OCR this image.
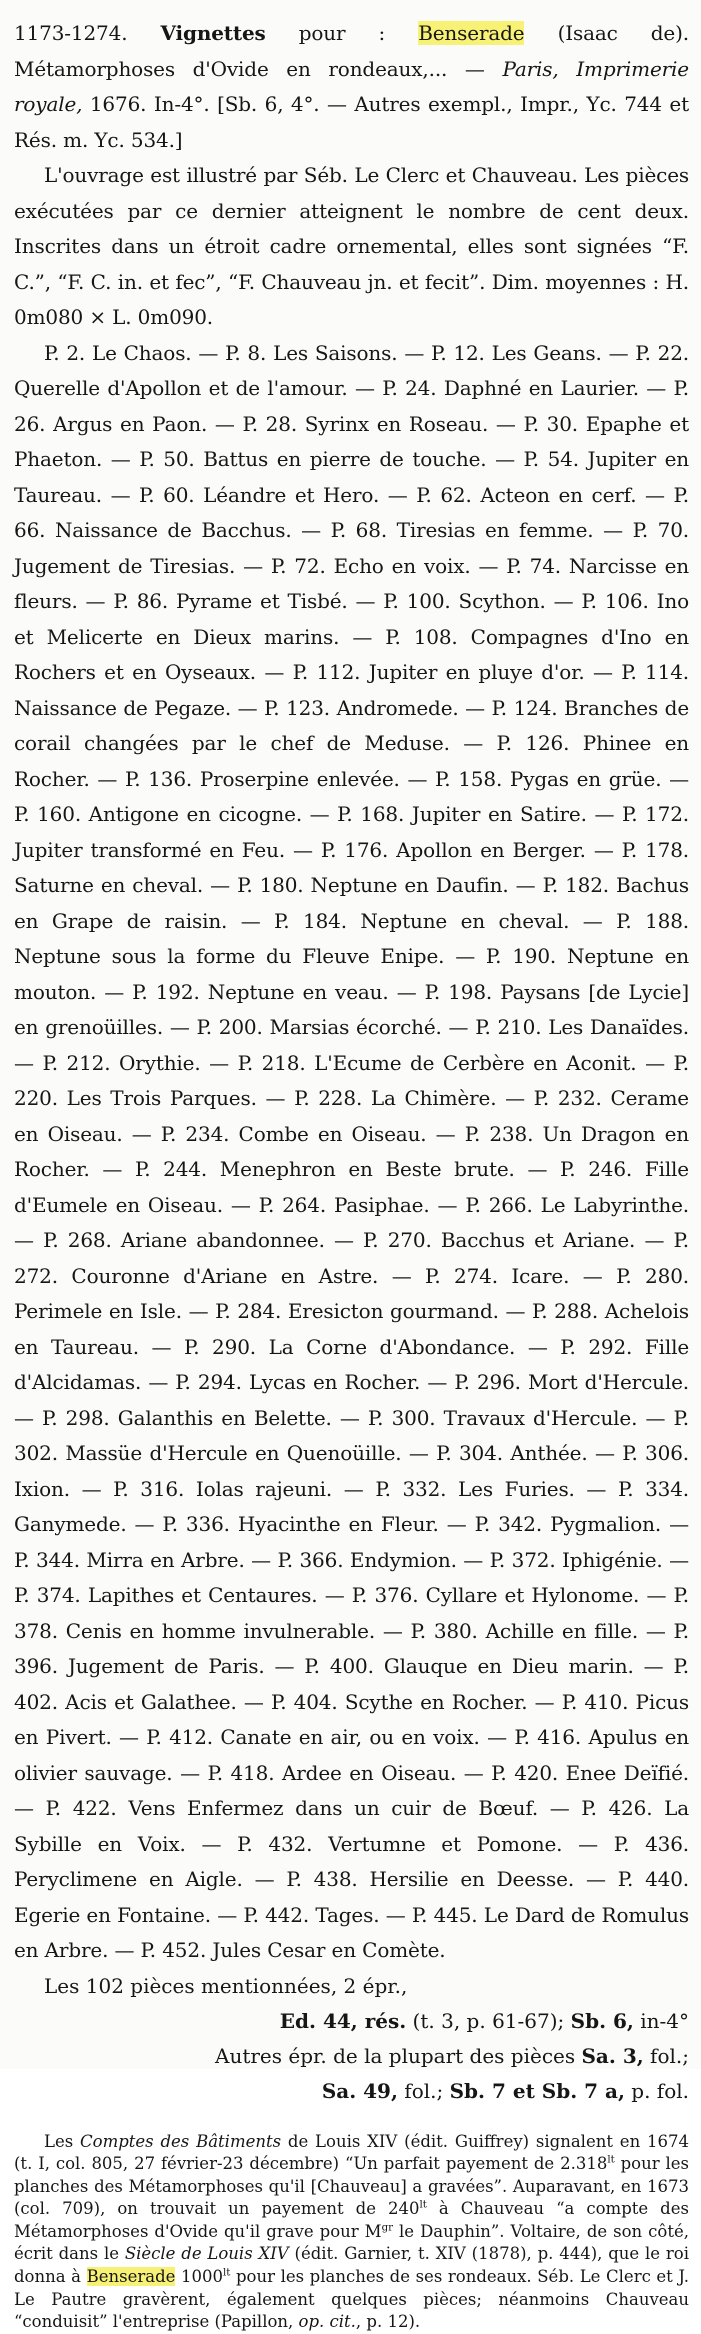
1173-1274. Vignettes pour : Benserade (Isaac de). Métamorphoses d'Ovide en rondeaux,... — Paris, Imprimerie royale, 1676. In-4°. [Sb. 6, 4°. — Autres exempl., Impr., Yc. 744 et Rés. m. Yc. 534.]

L'ouvrage est illustré par Séb. Le Clerc et Chauveau. Les pièces exécutées par ce dernier atteignent le nombre de cent deux. Inscrites dans un étroit cadre ornemental, elles sont signées “F. C.”, “F. C. in. et fec”, “F. Chauveau jn. et fecit”. Dim. moyennes : H. 0m080 × L. 0m090.

P. 2. Le Chaos. — P. 8. Les Saisons. — P. 12. Les Geans. — P. 22. Querelle d'Apollon et de l'amour. — P. 24. Daphné en Laurier. — P. 26. Argus en Paon. — P. 28. Syrinx en Roseau. — P. 30. Epaphe et Phaeton. — P. 50. Battus en pierre de touche. — P. 54. Jupiter en Taureau. — P. 60. Léandre et Hero. — P. 62. Acteon en cerf. — P. 66. Naissance de Bacchus. — P. 68. Tiresias en femme. — P. 70. Jugement de Tiresias. — P. 72. Echo en voix. — P. 74. Narcisse en fleurs. — P. 86. Pyrame et Tisbé. — P. 100. Scython. — P. 106. Ino et Melicerte en Dieux marins. — P. 108. Compagnes d'Ino en Rochers et en Oyseaux. — P. 112. Jupiter en pluye d'or. — P. 114. Naissance de Pegaze. — P. 123. Andromede. — P. 124. Branches de corail changées par le chef de Meduse. — P. 126. Phinee en Rocher. — P. 136. Proserpine enlevée. — P. 158. Pygas en grüe. — P. 160. Antigone en cicogne. — P. 168. Jupiter en Satire. — P. 172. Jupiter transformé en Feu. — P. 176. Apollon en Berger. — P. 178. Saturne en cheval. — P. 180. Neptune en Daufin. — P. 182. Bachus en Grape de raisin. — P. 184. Neptune en cheval. — P. 188. Neptune sous la forme du Fleuve Enipe. — P. 190. Neptune en mouton. — P. 192. Neptune en veau. — P. 198. Paysans [de Lycie] en grenoüilles. — P. 200. Marsias écorché. — P. 210. Les Danaïdes. — P. 212. Orythie. — P. 218. L'Ecume de Cerbère en Aconit. — P. 220. Les Trois Parques. — P. 228. La Chimère. — P. 232. Cerame en Oiseau. — P. 234. Combe en Oiseau. — P. 238. Un Dragon en Rocher. — P. 244. Menephron en Beste brute. — P. 246. Fille d'Eumele en Oiseau. — P. 264. Pasiphae. — P. 266. Le Labyrinthe. — P. 268. Ariane abandonnee. — P. 270. Bacchus et Ariane. — P. 272. Couronne d'Ariane en Astre. — P. 274. Icare. — P. 280. Perimele en Isle. — P. 284. Eresicton gourmand. — P. 288. Achelois en Taureau. — P. 290. La Corne d'Abondance. — P. 292. Fille d'Alcidamas. — P. 294. Lycas en Rocher. — P. 296. Mort d'Hercule. — P. 298. Galanthis en Belette. — P. 300. Travaux d'Hercule. — P. 302. Massüe d'Hercule en Quenoüille. — P. 304. Anthée. — P. 306. Ixion. — P. 316. Iolas rajeuni. — P. 332. Les Furies. — P. 334. Ganymede. — P. 336. Hyacinthe en Fleur. — P. 342. Pygmalion. — P. 344. Mirra en Arbre. — P. 366. Endymion. — P. 372. Iphigénie. — P. 374. Lapithes et Centaures. — P. 376. Cyllare et Hylonome. — P. 378. Cenis en homme invulnerable. — P. 380. Achille en fille. — P. 396. Jugement de Paris. — P. 400. Glauque en Dieu marin. — P. 402. Acis et Galathee. — P. 404. Scythe en Rocher. — P. 410. Picus en Pivert. — P. 412. Canate en air, ou en voix. — P. 416. Apulus en olivier sauvage. — P. 418. Ardee en Oiseau. — P. 420. Enee Deïfié. — P. 422. Vens Enfermez dans un cuir de Bœuf. — P. 426. La Sybille en Voix. — P. 432. Vertumne et Pomone. — P. 436. Peryclimene en Aigle. — P. 438. Hersilie en Deesse. — P. 440. Egerie en Fontaine. — P. 442. Tages. — P. 445. Le Dard de Romulus en Arbre. — P. 452. Jules Cesar en Comète.

Les 102 pièces mentionnées, 2 épr.,
Ed. 44, rés. (t. 3, p. 61-67); Sb. 6, in-4°
Autres épr. de la plupart des pièces Sa. 3, fol.;
Sa. 49, fol.; Sb. 7 et Sb. 7 a, p. fol.

Les Comptes des Bâtiments de Louis XIV (édit. Guiffrey) signalent en 1674 (t. I, col. 805, 27 février-23 décembre) “Un parfait payement de $2.318^{lt}$ pour les planches des Métamorphoses qu'il [Chauveau] a gravées”. Auparavant, en 1673 (col. 709), on trouvait un payement de $240^{lt}$ à Chauveau “a compte des Métamorphoses d'Ovide qu'il grave pour $M^{gr}$ le Dauphin”. Voltaire, de son côté, écrit dans le Siècle de Louis XIV (édit. Garnier, t. XIV (1878), p. 444), que le roi donna à Benserade $1000^{lt}$ pour les planches de ses rondeaux. Séb. Le Clerc et J. Le Pautre gravèrent, également quelques pièces; néanmoins Chauveau “conduisit” l'entreprise (Papillon, op. cit., p. 12).
